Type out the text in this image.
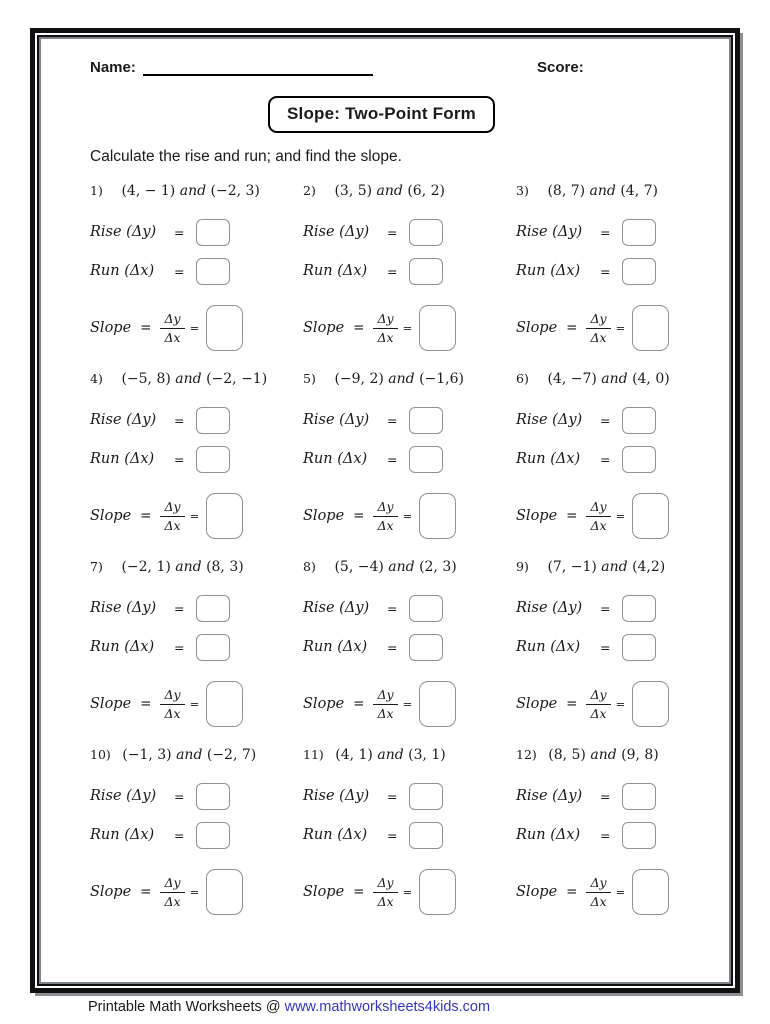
Name:	Score:
Slope: Two-Point Form
Calculate the rise and run; and find the slope.
1) (4, − 1) and (−2, 3)
Rise (Δy)	=
Run (Δx)	=
Slope = $\frac{\Delta y}{\Delta x}$ =
2) (3, 5) and (6, 2)
Rise (Δy)	=
Run (Δx)	=
Slope = $\frac{\Delta y}{\Delta x}$ =
3) (8, 7) and (4, 7)
Rise (Δy)	=
Run (Δx)	=
Slope = $\frac{\Delta y}{\Delta x}$ =
4) (−5, 8) and (−2, −1)
Rise (Δy)	=
Run (Δx)	=
Slope = $\frac{\Delta y}{\Delta x}$ =
5) (−9, 2) and (−1,6)
Rise (Δy)	=
Run (Δx)	=
Slope = $\frac{\Delta y}{\Delta x}$ =
6) (4, −7) and (4, 0)
Rise (Δy)	=
Run (Δx)	=
Slope = $\frac{\Delta y}{\Delta x}$ =
7) (−2, 1) and (8, 3)
Rise (Δy)	=
Run (Δx)	=
Slope = $\frac{\Delta y}{\Delta x}$ =
8) (5, −4) and (2, 3)
Rise (Δy)	=
Run (Δx)	=
Slope = $\frac{\Delta y}{\Delta x}$ =
9) (7, −1) and (4,2)
Rise (Δy)	=
Run (Δx)	=
Slope = $\frac{\Delta y}{\Delta x}$ =
10) (−1, 3) and (−2, 7)
Rise (Δy)	=
Run (Δx)	=
Slope = $\frac{\Delta y}{\Delta x}$ =
11) (4, 1) and (3, 1)
Rise (Δy)	=
Run (Δx)	=
Slope = $\frac{\Delta y}{\Delta x}$ =
12) (8, 5) and (9, 8)
Rise (Δy)	=
Run (Δx)	=
Slope = $\frac{\Delta y}{\Delta x}$ =
Printable Math Worksheets @ www.mathworksheets4kids.com
